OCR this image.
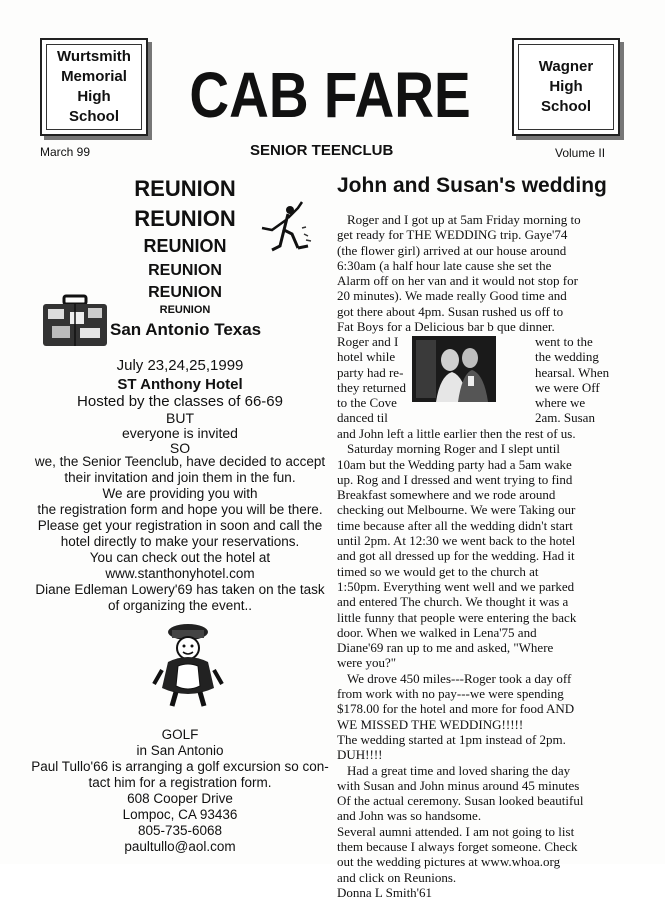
Wurtsmith
Memorial
High
School CAB FARE	Wagner
High
School
March 99	SENIOR TEENCLUB	Volume II
REUNION
REUNION
REUNION
REUNION
REUNION
REUNION
San Antonio Texas
July 23,24,25,1999
ST Anthony Hotel
Hosted by the classes of 66-69
BUT
everyone is invited
SO
we, the Senior Teenclub, have decided to accept
their invitation and join them in the fun.
We are providing you with
the registration form and hope you will be there.
Please get your registration in soon and call the
hotel directly to make your reservations.
You can check out the hotel at
www.stanthonyhotel.com
Diane Edleman Lowery'69 has taken on the task
of organizing the event..
GOLF
in San Antonio
Paul Tullo'66 is arranging a golf excursion so con-
tact him for a registration form.
608 Cooper Drive
Lompoc, CA 93436
805-735-6068
paultullo@aol.com
John and Susan's wedding

Roger and I got up at 5am Friday morning to

get ready for THE WEDDING trip. Gaye'74

(the flower girl) arrived at our house around

6:30am (a half hour late cause she set the

Alarm off on her van and it would not stop for

20 minutes). We made really Good time and

got there about 4pm. Susan rushed us off to

Fat Boys for a Delicious bar b que dinner.

Roger and I	went to the
hotel while	the wedding
party had re-	hearsal. When
they returned	we were Off
to the Cove	where we
danced til	2am. Susan

and John left a little earlier then the rest of us.

Saturday morning Roger and I slept until

10am but the Wedding party had a 5am wake

up. Rog and I dressed and went trying to find

Breakfast somewhere and we rode around

checking out Melbourne. We were Taking our

time because after all the wedding didn't start

until 2pm. At 12:30 we went back to the hotel

and got all dressed up for the wedding. Had it

timed so we would get to the church at

1:50pm. Everything went well and we parked

and entered The church. We thought it was a

little funny that people were entering the back

door. When we walked in Lena'75 and

Diane'69 ran up to me and asked, "Where

were you?"

We drove 450 miles---Roger took a day off

from work with no pay---we were spending

$178.00 for the hotel and more for food AND

WE MISSED THE WEDDING!!!!!

The wedding started at 1pm instead of 2pm.

DUH!!!!

Had a great time and loved sharing the day

with Susan and John minus around 45 minutes

Of the actual ceremony. Susan looked beautiful

and John was so handsome.

Several aumni attended. I am not going to list

them because I always forget someone. Check

out the wedding pictures at www.whoa.org

and click on Reunions.

Donna L Smith'61
